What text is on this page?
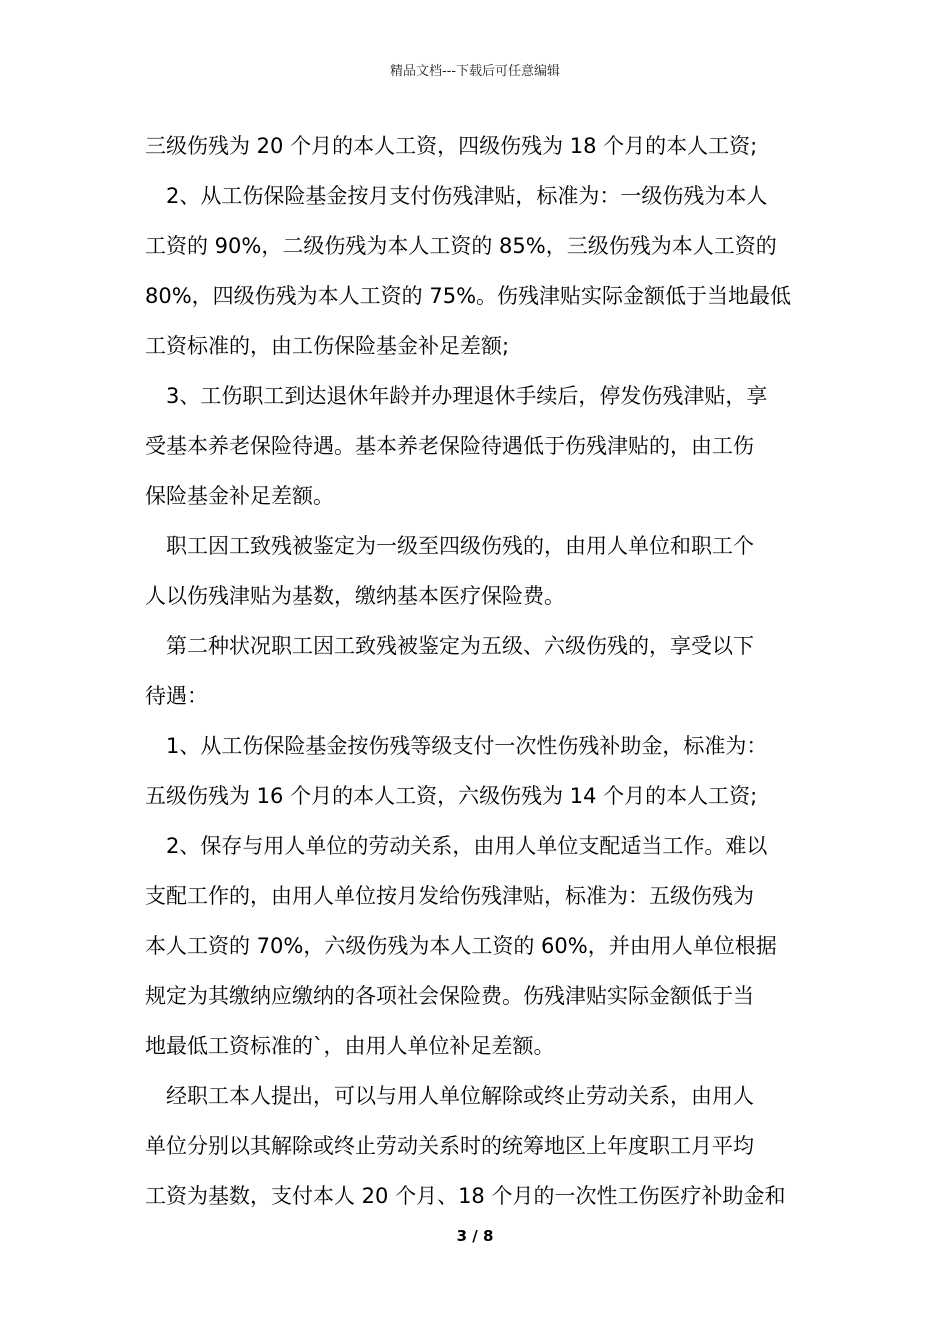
精品文档---下载后可任意编辑
三级伤残为 20 个月的本人工资，四级伤残为 18 个月的本人工资;
2、从工伤保险基金按月支付伤残津贴，标准为：一级伤残为本人
工资的 90%，二级伤残为本人工资的 85%，三级伤残为本人工资的
80%，四级伤残为本人工资的 75%。伤残津贴实际金额低于当地最低
工资标准的，由工伤保险基金补足差额;
3、工伤职工到达退休年龄并办理退休手续后，停发伤残津贴，享
受基本养老保险待遇。基本养老保险待遇低于伤残津贴的，由工伤
保险基金补足差额。
职工因工致残被鉴定为一级至四级伤残的，由用人单位和职工个
人以伤残津贴为基数，缴纳基本医疗保险费。
第二种状况职工因工致残被鉴定为五级、六级伤残的，享受以下
待遇：
1、从工伤保险基金按伤残等级支付一次性伤残补助金，标准为：
五级伤残为 16 个月的本人工资，六级伤残为 14 个月的本人工资;
2、保存与用人单位的劳动关系，由用人单位支配适当工作。难以
支配工作的，由用人单位按月发给伤残津贴，标准为：五级伤残为
本人工资的 70%，六级伤残为本人工资的 60%，并由用人单位根据
规定为其缴纳应缴纳的各项社会保险费。伤残津贴实际金额低于当
地最低工资标准的`，由用人单位补足差额。
经职工本人提出，可以与用人单位解除或终止劳动关系，由用人
单位分别以其解除或终止劳动关系时的统筹地区上年度职工月平均
工资为基数，支付本人 20 个月、18 个月的一次性工伤医疗补助金和
3 / 8
